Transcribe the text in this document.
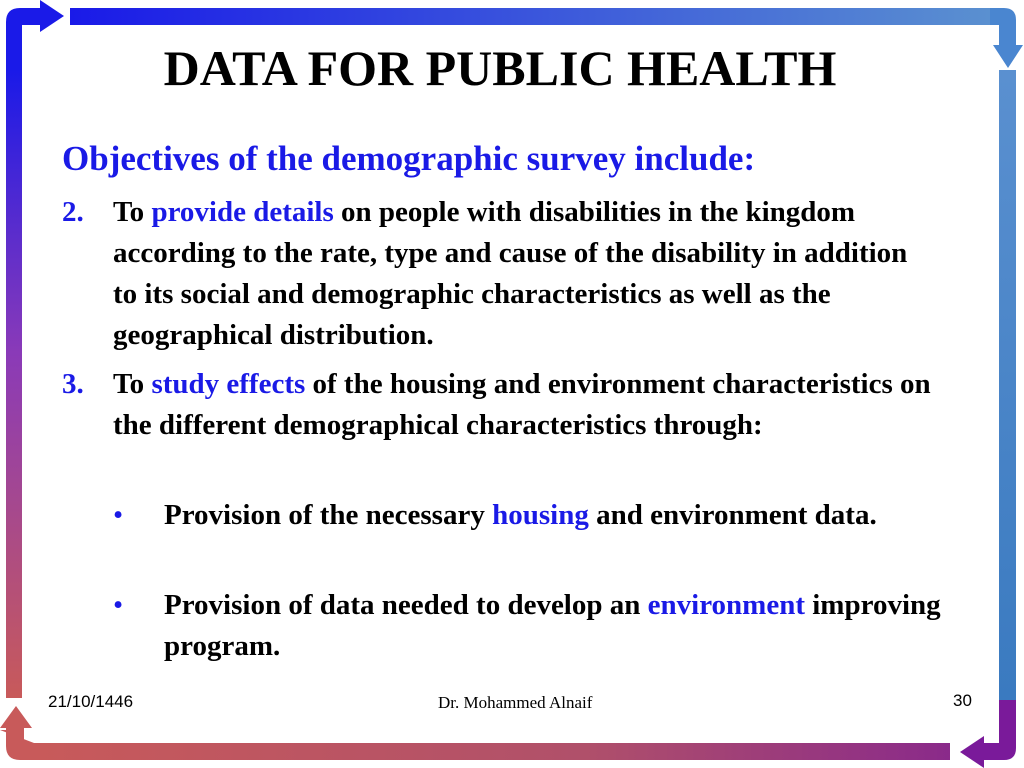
DATA FOR PUBLIC HEALTH
Objectives of the demographic survey include:
2. To provide details on people with disabilities in the kingdom according to the rate, type and cause of the disability in addition to its social and demographic characteristics as well as the geographical distribution.
3. To study effects of the housing and environment characteristics on the different demographical characteristics through:
• Provision of the necessary housing and environment data.
• Provision of data needed to develop an environment improving program.
21/10/1446	Dr. Mohammed Alnaif	30
